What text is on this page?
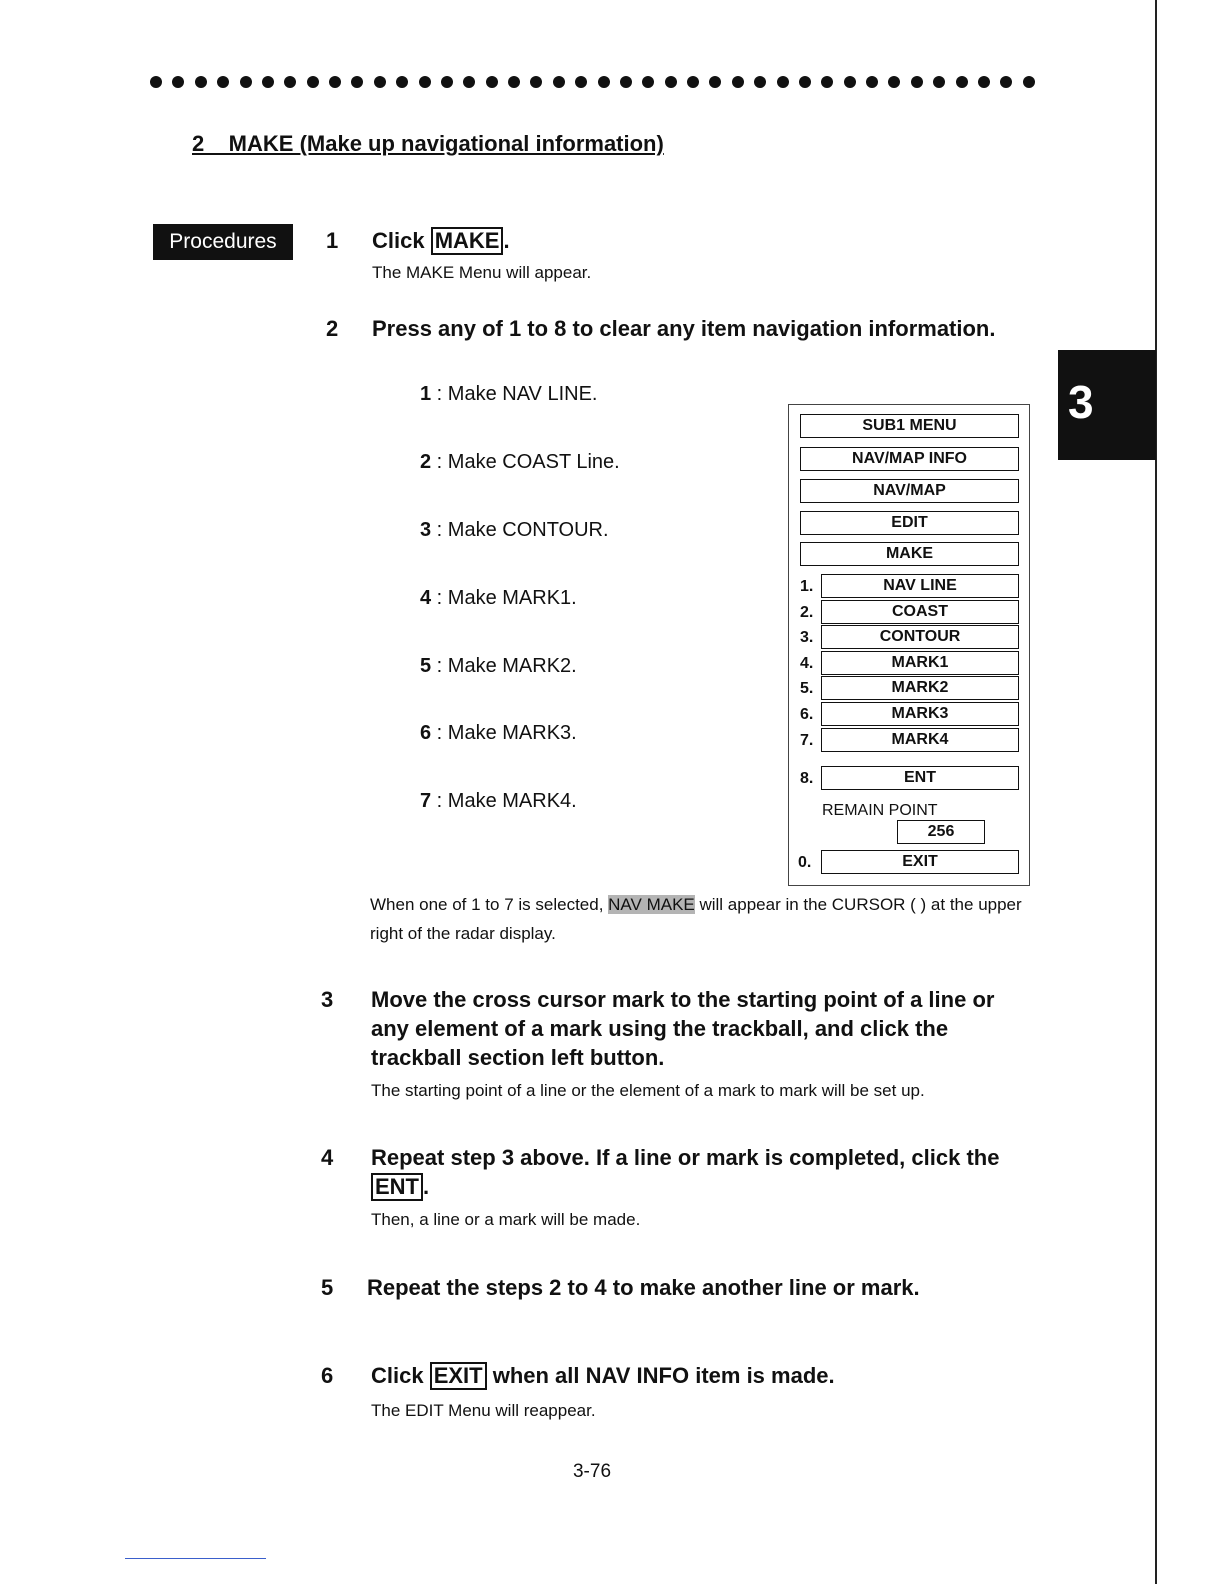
2    MAKE (Make up navigational information)
Procedures
3
1 Click MAKE .
The MAKE Menu will appear.
2 Press any of 1 to 8 to clear any item navigation information.
1 : Make NAV LINE.
2 : Make COAST Line.
3 : Make CONTOUR.
4 : Make MARK1.
5 : Make MARK2.
6 : Make MARK3.
7 : Make MARK4.
SUB1 MENU
NAV/MAP INFO
NAV/MAP
EDIT
MAKE
1.	NAV LINE
2.	COAST
3.	CONTOUR
4.	MARK1
5.	MARK2
6.	MARK3
7.	MARK4
8.	ENT
REMAIN POINT
256
0.	EXIT
When one of 1 to 7 is selected, NAV MAKE will appear in the CURSOR ( ) at the upper right of the radar display.
3 Move the cross cursor mark to the starting point of a line or any element of a mark using the trackball, and click the trackball section left button.
The starting point of a line or the element of a mark to mark will be set up.
4 Repeat step 3 above. If a line or mark is completed, click the ENT .
Then, a line or a mark will be made.
5 Repeat the steps 2 to 4 to make another line or mark.
6 Click EXIT when all NAV INFO item is made.
The EDIT Menu will reappear.
3-76
